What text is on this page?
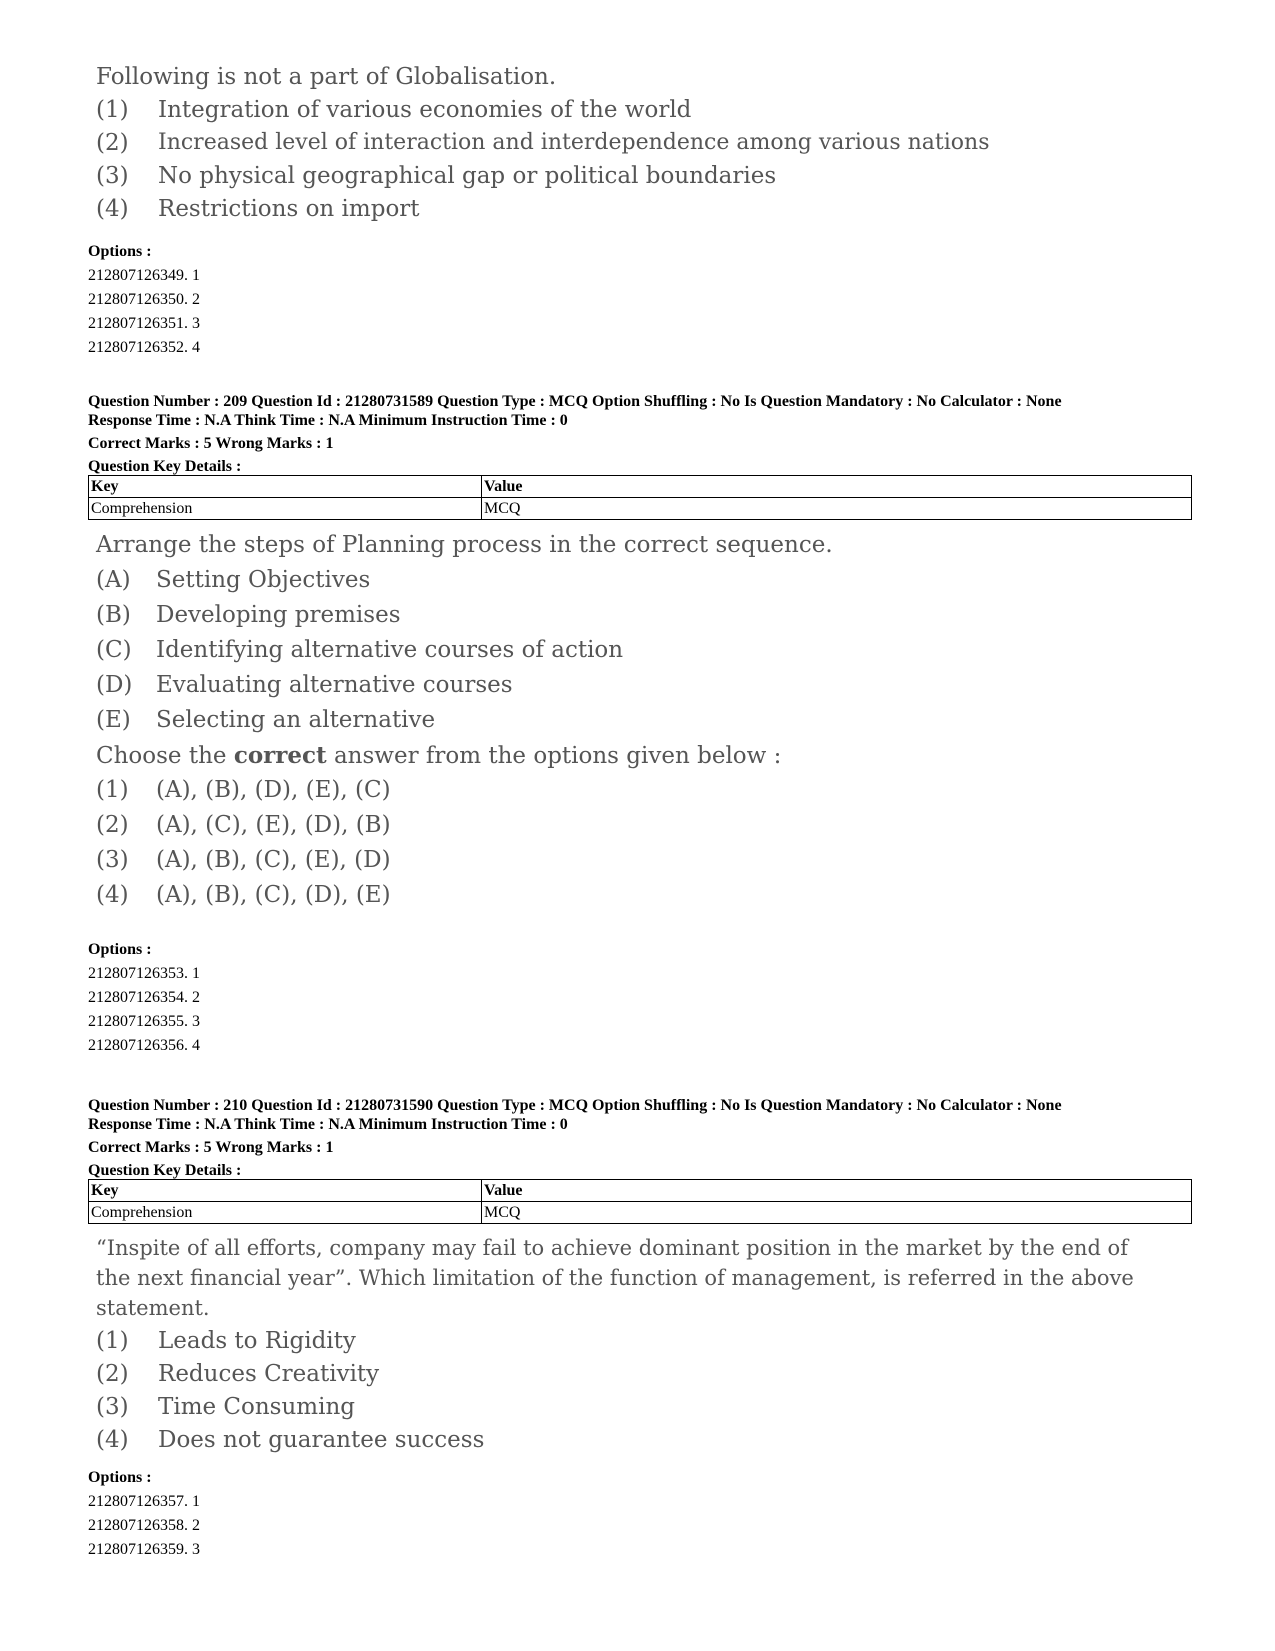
Following is not a part of Globalisation.
(1) Integration of various economies of the world
(2) Increased level of interaction and interdependence among various nations
(3) No physical geographical gap or political boundaries
(4) Restrictions on import
Options :
212807126349. 1
212807126350. 2
212807126351. 3
212807126352. 4
Question Number : 209 Question Id : 21280731589 Question Type : MCQ Option Shuffling : No Is Question Mandatory : No Calculator : None
Response Time : N.A Think Time : N.A Minimum Instruction Time : 0
Correct Marks : 5 Wrong Marks : 1
Question Key Details :
Key	Value
Comprehension	MCQ
Arrange the steps of Planning process in the correct sequence.
(A) Setting Objectives
(B) Developing premises
(C) Identifying alternative courses of action
(D) Evaluating alternative courses
(E) Selecting an alternative
Choose the correct answer from the options given below :
(1) (A), (B), (D), (E), (C)
(2) (A), (C), (E), (D), (B)
(3) (A), (B), (C), (E), (D)
(4) (A), (B), (C), (D), (E)
Options :
212807126353. 1
212807126354. 2
212807126355. 3
212807126356. 4
Question Number : 210 Question Id : 21280731590 Question Type : MCQ Option Shuffling : No Is Question Mandatory : No Calculator : None
Response Time : N.A Think Time : N.A Minimum Instruction Time : 0
Correct Marks : 5 Wrong Marks : 1
Question Key Details :
Key	Value
Comprehension	MCQ
“Inspite of all efforts, company may fail to achieve dominant position in the market by the end of
the next financial year”. Which limitation of the function of management, is referred in the above
statement.
(1) Leads to Rigidity
(2) Reduces Creativity
(3) Time Consuming
(4) Does not guarantee success
Options :
212807126357. 1
212807126358. 2
212807126359. 3
